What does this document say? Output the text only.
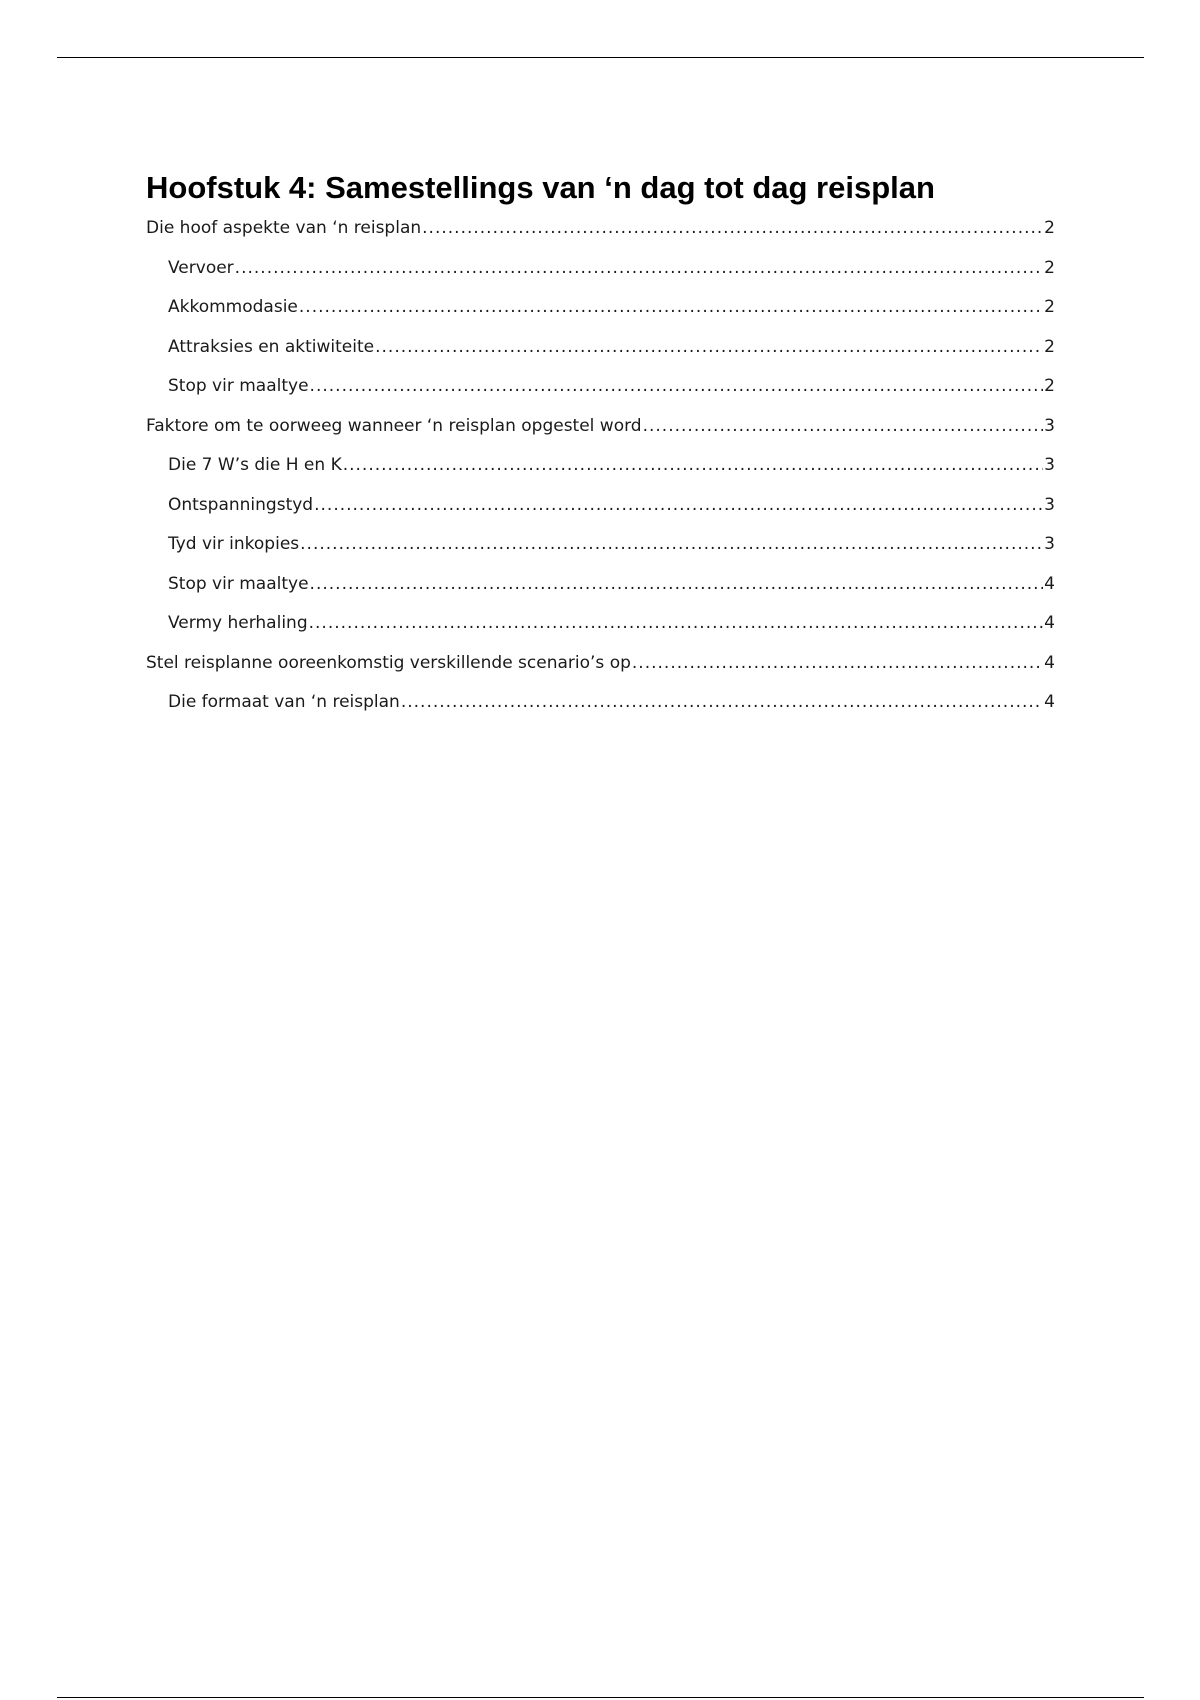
Hoofstuk 4: Samestellings van ‘n dag tot dag reisplan
Die hoof aspekte van ‘n reisplan .....	2
Vervoer .....	2
Akkommodasie .....	2
Attraksies en aktiwiteite .....	2
Stop vir maaltye .....	2
Faktore om te oorweeg wanneer ‘n reisplan opgestel word .....	3
Die 7 W’s die H en K .....	3
Ontspanningstyd .....	3
Tyd vir inkopies .....	3
Stop vir maaltye .....	4
Vermy herhaling .....	4
Stel reisplanne ooreenkomstig verskillende scenario’s op .....	4
Die formaat van ‘n reisplan .....	4
